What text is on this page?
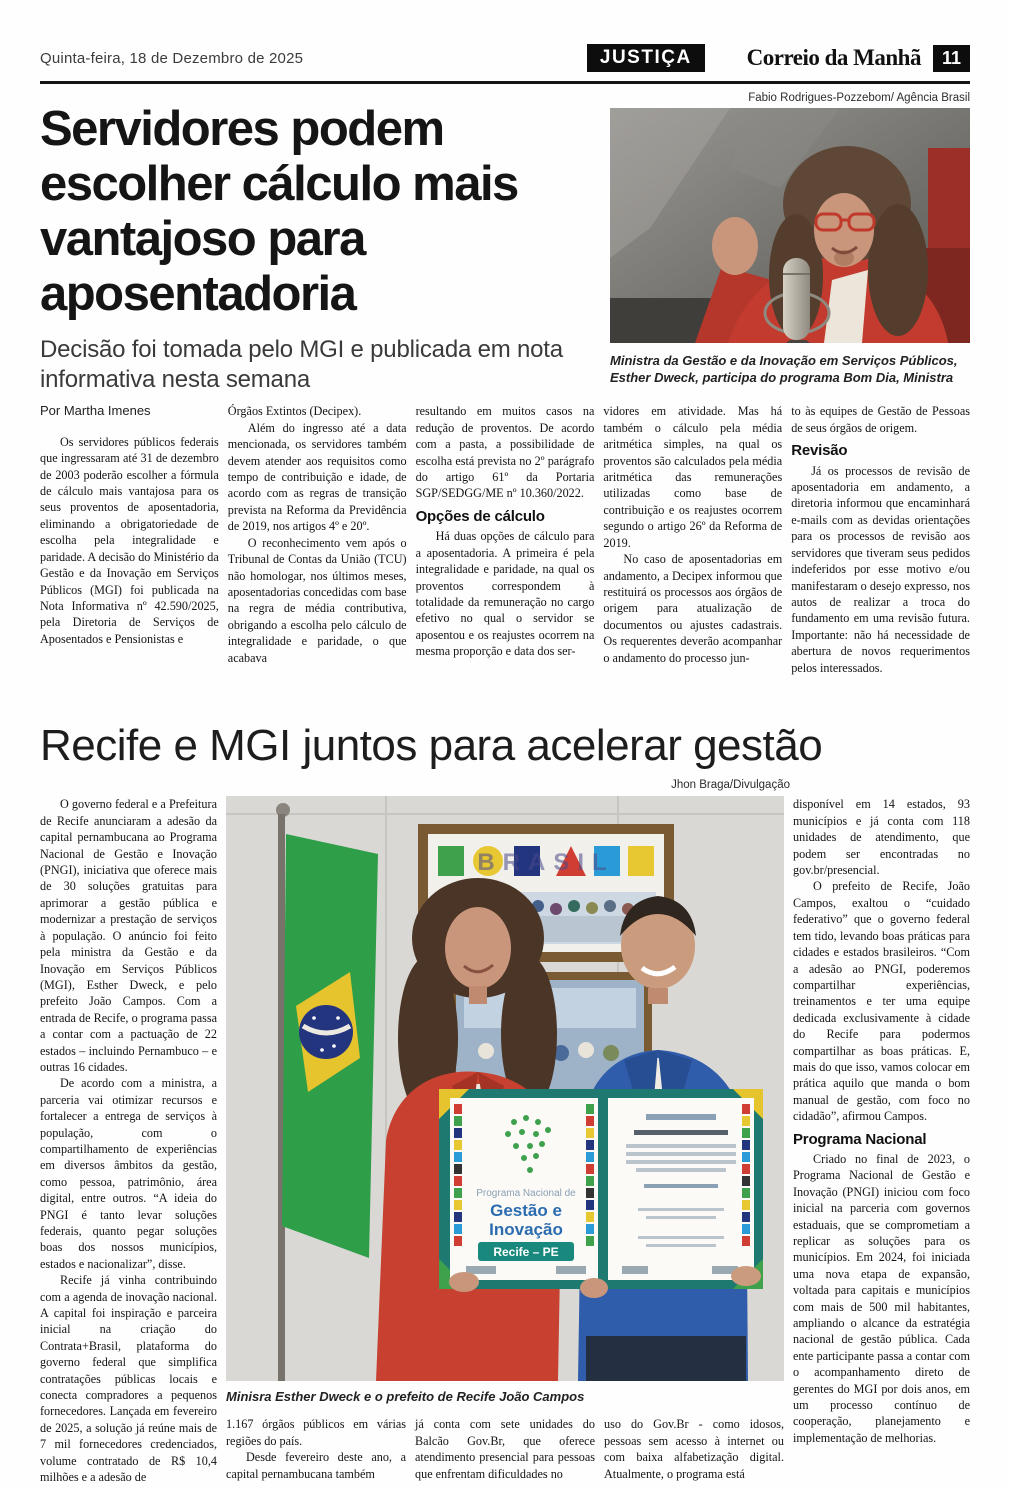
Quinta-feira, 18 de Dezembro de 2025	JUSTIÇA	Correio da Manhã	11
Servidores podem escolher cálculo mais vantajoso para aposentadoria
Decisão foi tomada pelo MGI e publicada em nota informativa nesta semana
Fabio Rodrigues-Pozzebom/ Agência Brasil
Ministra da Gestão e da Inovação em Serviços Públicos, Esther Dweck, participa do programa Bom Dia, Ministra

Por Martha Imenes

Os servidores públicos federais que ingressaram até 31 de dezembro de 2003 poderão escolher a fórmula de cálculo mais vantajosa para os seus proventos de aposentadoria, eliminando a obrigatoriedade de escolha pela integralidade e paridade. A decisão do Ministério da Gestão e da Inovação em Serviços Públicos (MGI) foi publicada na Nota Informativa nº 42.590/2025, pela Diretoria de Serviços de Aposentados e Pensionistas e

Órgãos Extintos (Decipex).

Além do ingresso até a data mencionada, os servidores também devem atender aos requisitos como tempo de contribuição e idade, de acordo com as regras de transição prevista na Reforma da Previdência de 2019, nos artigos 4º e 20º.

O reconhecimento vem após o Tribunal de Contas da União (TCU) não homologar, nos últimos meses, aposentadorias concedidas com base na regra de média contributiva, obrigando a escolha pelo cálculo de integralidade e paridade, o que acabava

resultando em muitos casos na redução de proventos. De acordo com a pasta, a possibilidade de escolha está prevista no 2º parágrafo do artigo 61º da Portaria SGP/SEDGG/ME nº 10.360/2022.

Opções de cálculo

Há duas opções de cálculo para a aposentadoria. A primeira é pela integralidade e paridade, na qual os proventos correspondem à totalidade da remuneração no cargo efetivo no qual o servidor se aposentou e os reajustes ocorrem na mesma proporção e data dos ser-

vidores em atividade. Mas há também o cálculo pela média aritmética simples, na qual os proventos são calculados pela média aritmética das remunerações utilizadas como base de contribuição e os reajustes ocorrem segundo o artigo 26º da Reforma de 2019.

No caso de aposentadorias em andamento, a Decipex informou que restituirá os processos aos órgãos de origem para atualização de documentos ou ajustes cadastrais. Os requerentes deverão acompanhar o andamento do processo jun-

to às equipes de Gestão de Pessoas de seus órgãos de origem.

Revisão

Já os processos de revisão de aposentadoria em andamento, a diretoria informou que encaminhará e-mails com as devidas orientações para os processos de revisão aos servidores que tiveram seus pedidos indeferidos por esse motivo e/ou manifestaram o desejo expresso, nos autos de realizar a troca do fundamento em uma revisão futura. Importante: não há necessidade de abertura de novos requerimentos pelos interessados.

Recife e MGI juntos para acelerar gestão
Jhon Braga/Divulgação

O governo federal e a Prefeitura de Recife anunciaram a adesão da capital pernambucana ao Programa Nacional de Gestão e Inovação (PNGI), iniciativa que oferece mais de 30 soluções gratuitas para aprimorar a gestão pública e modernizar a prestação de serviços à população. O anúncio foi feito pela ministra da Gestão e da Inovação em Serviços Públicos (MGI), Esther Dweck, e pelo prefeito João Campos. Com a entrada de Recife, o programa passa a contar com a pactuação de 22 estados – incluindo Pernambuco – e outras 16 cidades.

De acordo com a ministra, a parceria vai otimizar recursos e fortalecer a entrega de serviços à população, com o compartilhamento de experiências em diversos âmbitos da gestão, como pessoa, patrimônio, área digital, entre outros. “A ideia do PNGI é tanto levar soluções federais, quanto pegar soluções boas dos nossos municípios, estados e nacionalizar”, disse.

Recife já vinha contribuindo com a agenda de inovação nacional. A capital foi inspiração e parceira inicial na criação do Contrata+Brasil, plataforma do governo federal que simplifica contratações públicas locais e conecta compradores a pequenos fornecedores. Lançada em fevereiro de 2025, a solução já reúne mais de 7 mil fornecedores credenciados, volume contratado de R$ 10,4 milhões e a adesão de

BRASIL
Programa Nacional de
Gestão e
Inovação
Recife – PE
Minisra Esther Dweck e o prefeito de Recife João Campos

1.167 órgãos públicos em várias regiões do país.

Desde fevereiro deste ano, a capital pernambucana também

já conta com sete unidades do Balcão Gov.Br, que oferece atendimento presencial para pessoas que enfrentam dificuldades no

uso do Gov.Br - como idosos, pessoas sem acesso à internet ou com baixa alfabetização digital. Atualmente, o programa está

disponível em 14 estados, 93 municípios e já conta com 118 unidades de atendimento, que podem ser encontradas no gov.br/presencial.

O prefeito de Recife, João Campos, exaltou o “cuidado federativo” que o governo federal tem tido, levando boas práticas para cidades e estados brasileiros. “Com a adesão ao PNGI, poderemos compartilhar experiências, treinamentos e ter uma equipe dedicada exclusivamente à cidade do Recife para podermos compartilhar as boas práticas. E, mais do que isso, vamos colocar em prática aquilo que manda o bom manual de gestão, com foco no cidadão”, afirmou Campos.

Programa Nacional

Criado no final de 2023, o Programa Nacional de Gestão e Inovação (PNGI) iniciou com foco inicial na parceria com governos estaduais, que se comprometiam a replicar as soluções para os municípios. Em 2024, foi iniciada uma nova etapa de expansão, voltada para capitais e municípios com mais de 500 mil habitantes, ampliando o alcance da estratégia nacional de gestão pública. Cada ente participante passa a contar com o acompanhamento direto de gerentes do MGI por dois anos, em um processo contínuo de cooperação, planejamento e implementação de melhorias.
